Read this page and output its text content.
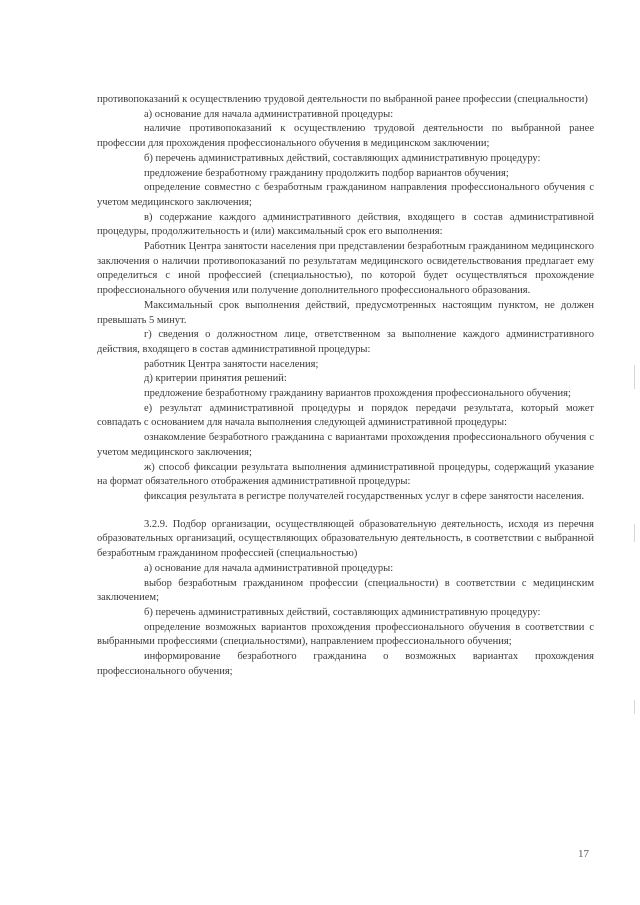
противопоказаний к осуществлению трудовой деятельности по выбранной ранее профессии (специальности)

а) основание для начала административной процедуры:

наличие противопоказаний к осуществлению трудовой деятельности по выбранной ранее профессии для прохождения профессионального обучения в медицинском заключении;

б) перечень административных действий, составляющих административную процедуру:

предложение безработному гражданину продолжить подбор вариантов обучения;

определение совместно с безработным гражданином направления профессионального обучения с учетом медицинского заключения;

в) содержание каждого административного действия, входящего в состав административной процедуры, продолжительность и (или) максимальный срок его выполнения:

Работник Центра занятости населения при представлении безработным гражданином медицинского заключения о наличии противопоказаний по результатам медицинского освидетельствования предлагает ему определиться с иной профессией (специальностью), по которой будет осуществляться прохождение профессионального обучения или получение дополнительного профессионального образования.

Максимальный срок выполнения действий, предусмотренных настоящим пунктом, не должен превышать 5 минут.

г) сведения о должностном лице, ответственном за выполнение каждого административного действия, входящего в состав административной процедуры:

работник Центра занятости населения;

д) критерии принятия решений:

предложение безработному гражданину вариантов прохождения профессионального обучения;

е) результат административной процедуры и порядок передачи результата, который может совпадать с основанием для начала выполнения следующей административной процедуры:

ознакомление безработного гражданина с вариантами прохождения профессионального обучения с учетом медицинского заключения;

ж) способ фиксации результата выполнения административной процедуры, содержащий указание на формат обязательного отображения административной процедуры:

фиксация результата в регистре получателей государственных услуг в сфере занятости населения.

3.2.9. Подбор организации, осуществляющей образовательную деятельность, исходя из перечня образовательных организаций, осуществляющих образовательную деятельность, в соответствии с выбранной безработным гражданином профессией (специальностью)

а) основание для начала административной процедуры:

выбор безработным гражданином профессии (специальности) в соответствии с медицинским заключением;

б) перечень административных действий, составляющих административную процедуру:

определение возможных вариантов прохождения профессионального обучения в соответствии с выбранными профессиями (специальностями), направлением профессионального обучения;

информирование безработного гражданина о возможных вариантах прохождения профессионального обучения;

17
